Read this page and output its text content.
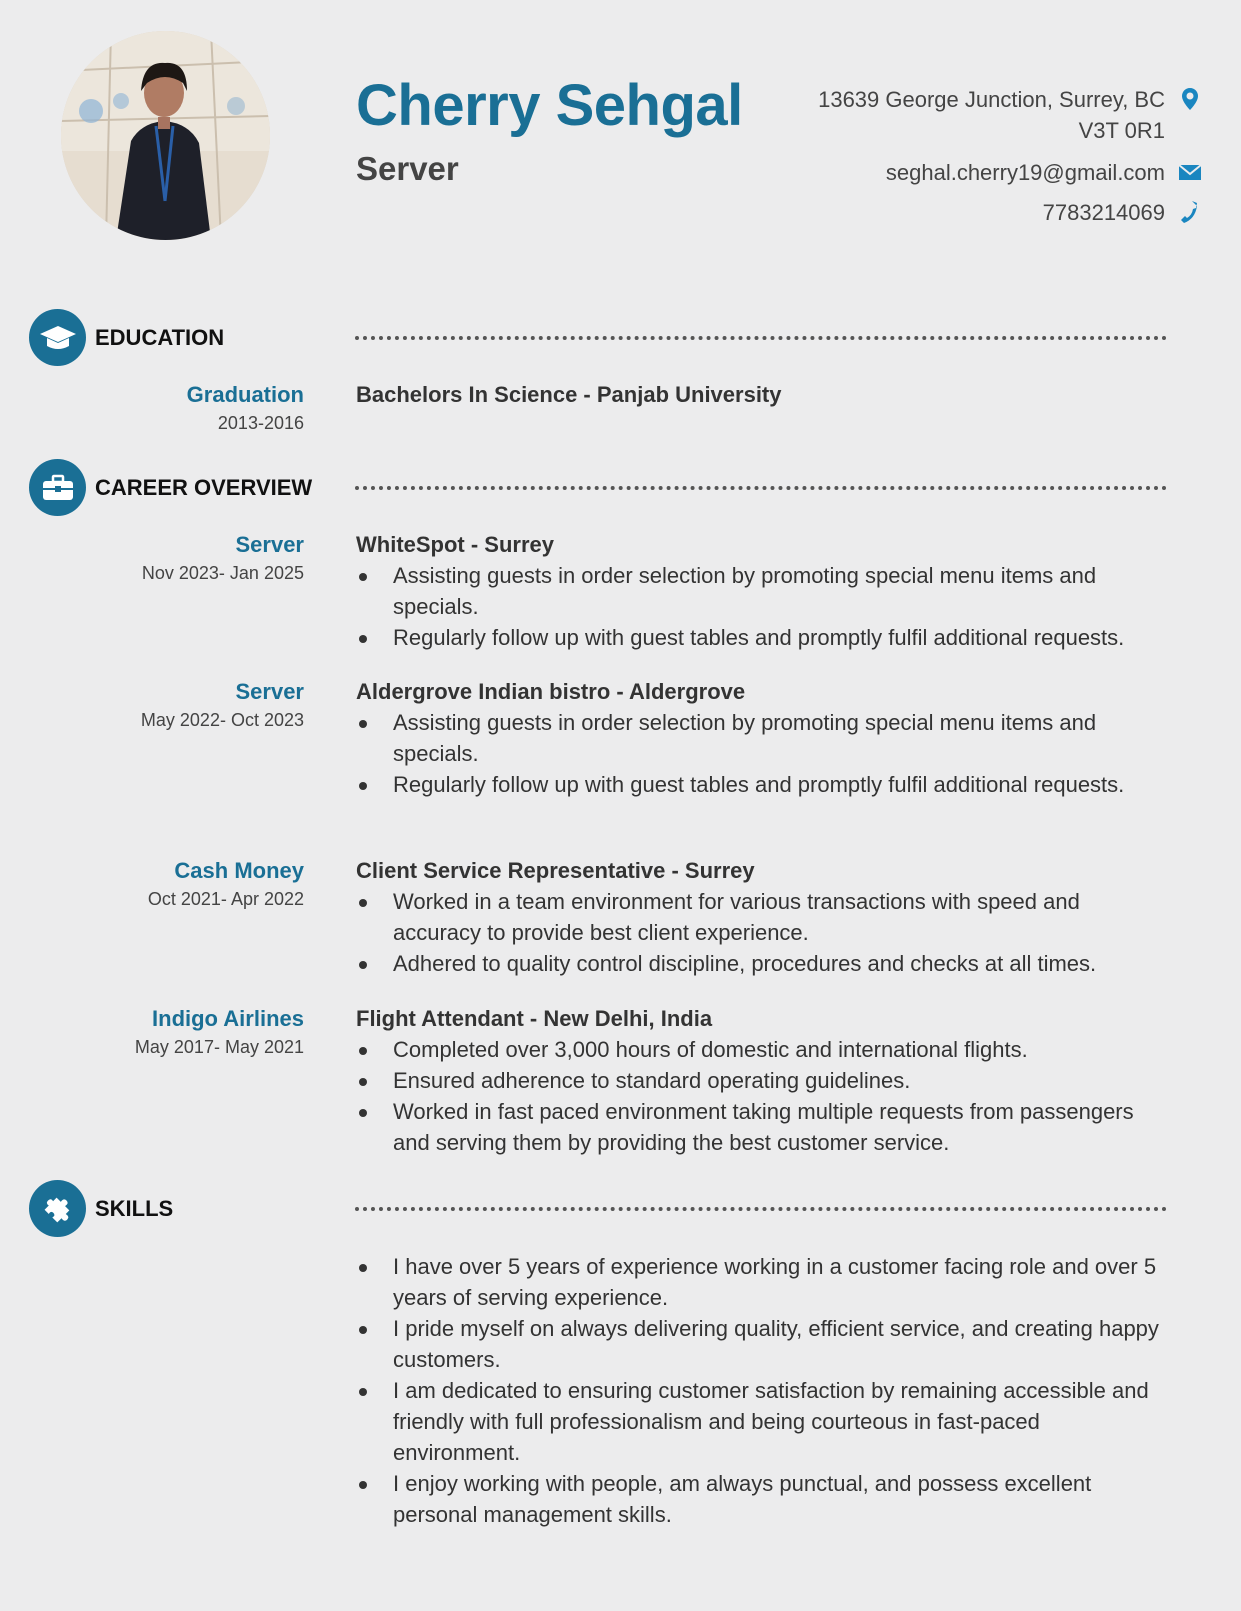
Cherry Sehgal
Server
13639 George Junction, Surrey, BC
V3T 0R1
seghal.cherry19@gmail.com
7783214069
EDUCATION
Graduation
2013-2016
Bachelors In Science - Panjab University
CAREER OVERVIEW
Server
Nov 2023- Jan 2025
WhiteSpot - Surrey
Assisting guests in order selection by promoting special menu items and specials.
Regularly follow up with guest tables and promptly fulfil additional requests.
Server
May 2022- Oct 2023
Aldergrove Indian bistro - Aldergrove
Assisting guests in order selection by promoting special menu items and specials.
Regularly follow up with guest tables and promptly fulfil additional requests.
Cash Money
Oct 2021- Apr 2022
Client Service Representative - Surrey
Worked in a team environment for various transactions with speed and accuracy to provide best client experience.
Adhered to quality control discipline, procedures and checks at all times.
Indigo Airlines
May 2017- May 2021
Flight Attendant - New Delhi, India
Completed over 3,000 hours of domestic and international flights.
Ensured adherence to standard operating guidelines.
Worked in fast paced environment taking multiple requests from passengers and serving them by providing the best customer service.
SKILLS
I have over 5 years of experience working in a customer facing role and over 5 years of serving experience.
I pride myself on always delivering quality, efficient service, and creating happy customers.
I am dedicated to ensuring customer satisfaction by remaining accessible and friendly with full professionalism and being courteous in fast-paced environment.
I enjoy working with people, am always punctual, and possess excellent personal management skills.
